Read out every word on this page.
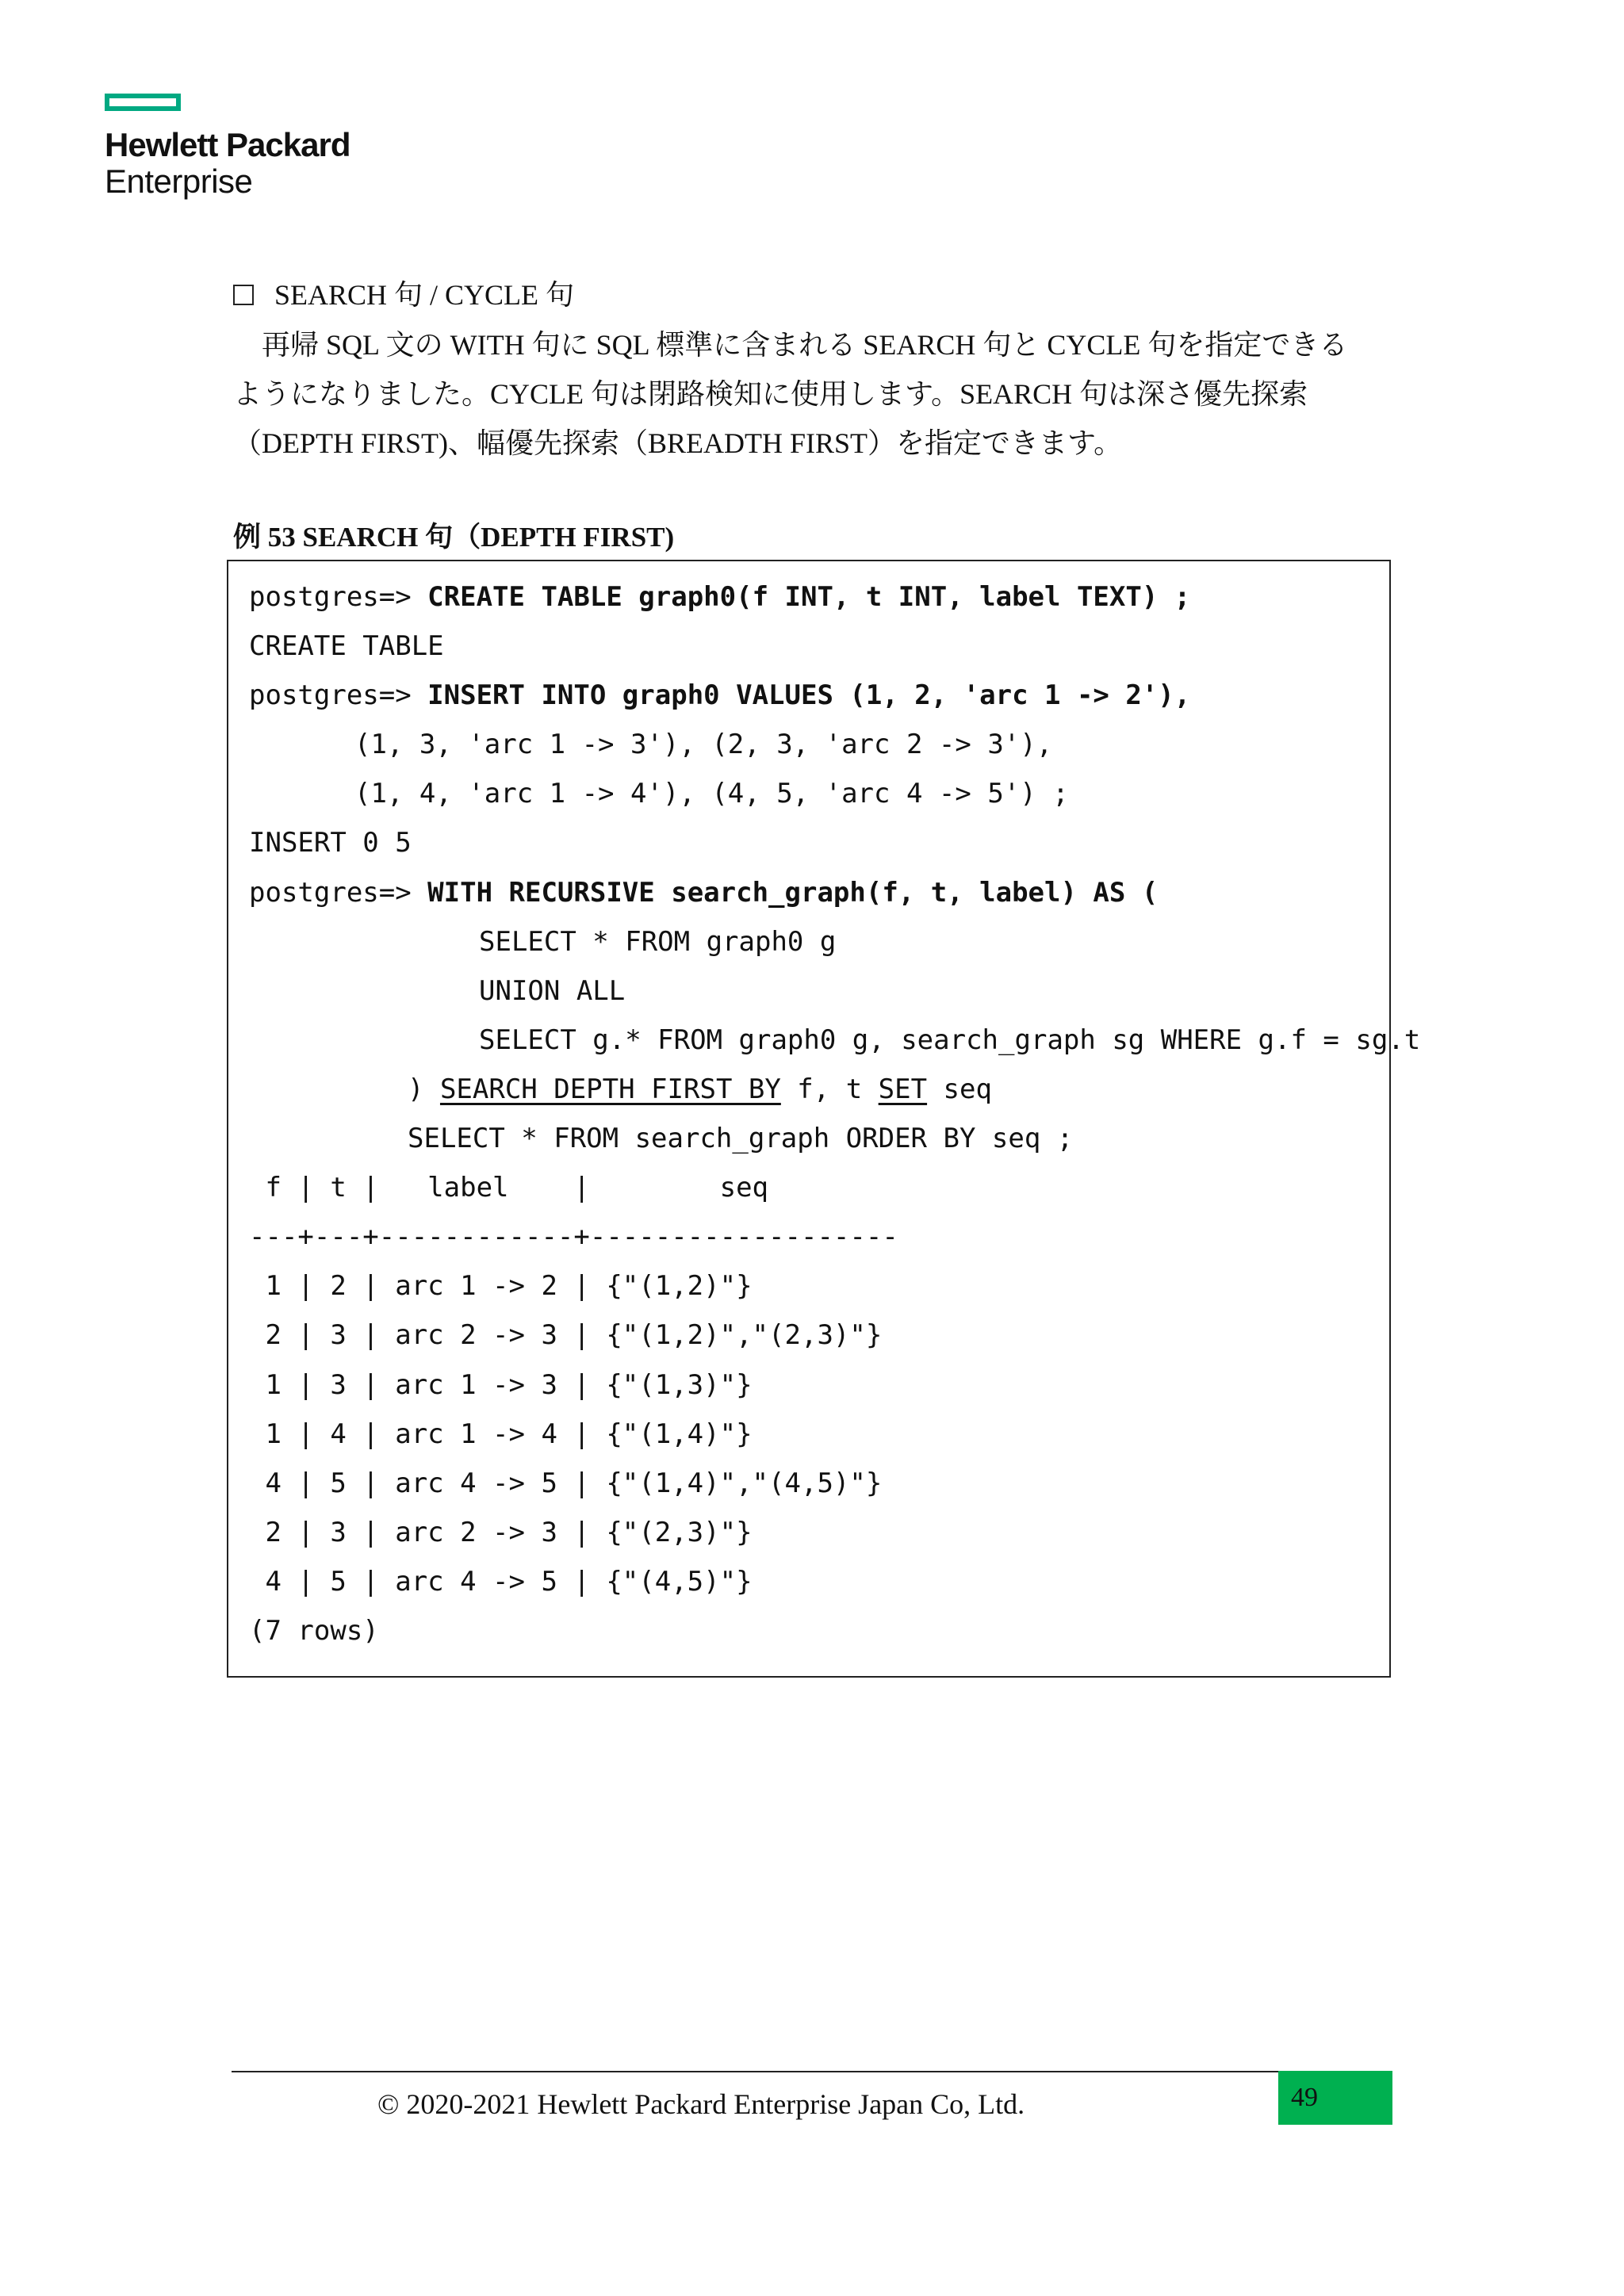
Hewlett Packard
Enterprise
SEARCH 句 / CYCLE 句

再帰 SQL 文の WITH 句に SQL 標準に含まれる SEARCH 句と CYCLE 句を指定できる

ようになりました。CYCLE 句は閉路検知に使用します。SEARCH 句は深さ優先探索

（DEPTH FIRST)、幅優先探索（BREADTH FIRST）を指定できます。

例 53 SEARCH 句（DEPTH FIRST)
postgres=> CREATE TABLE graph0(f INT, t INT, label TEXT) ;
CREATE TABLE
postgres=> INSERT INTO graph0 VALUES (1, 2, 'arc 1 -> 2'),
(1, 3, 'arc 1 -> 3'), (2, 3, 'arc 2 -> 3'),
(1, 4, 'arc 1 -> 4'), (4, 5, 'arc 4 -> 5') ;
INSERT 0 5
postgres=> WITH RECURSIVE search_graph(f, t, label) AS (
SELECT * FROM graph0 g
UNION ALL
SELECT g.* FROM graph0 g, search_graph sg WHERE g.f = sg.t
) SEARCH DEPTH FIRST BY f, t SET seq
SELECT * FROM search_graph ORDER BY seq ;
f | t |   label    |        seq
---+---+------------+-------------------
1 | 2 | arc 1 -> 2 | {"(1,2)"}
2 | 3 | arc 2 -> 3 | {"(1,2)","(2,3)"}
1 | 3 | arc 1 -> 3 | {"(1,3)"}
1 | 4 | arc 1 -> 4 | {"(1,4)"}
4 | 5 | arc 4 -> 5 | {"(1,4)","(4,5)"}
2 | 3 | arc 2 -> 3 | {"(2,3)"}
4 | 5 | arc 4 -> 5 | {"(4,5)"}
(7 rows)
© 2020-2021 Hewlett Packard Enterprise Japan Co, Ltd.	49
